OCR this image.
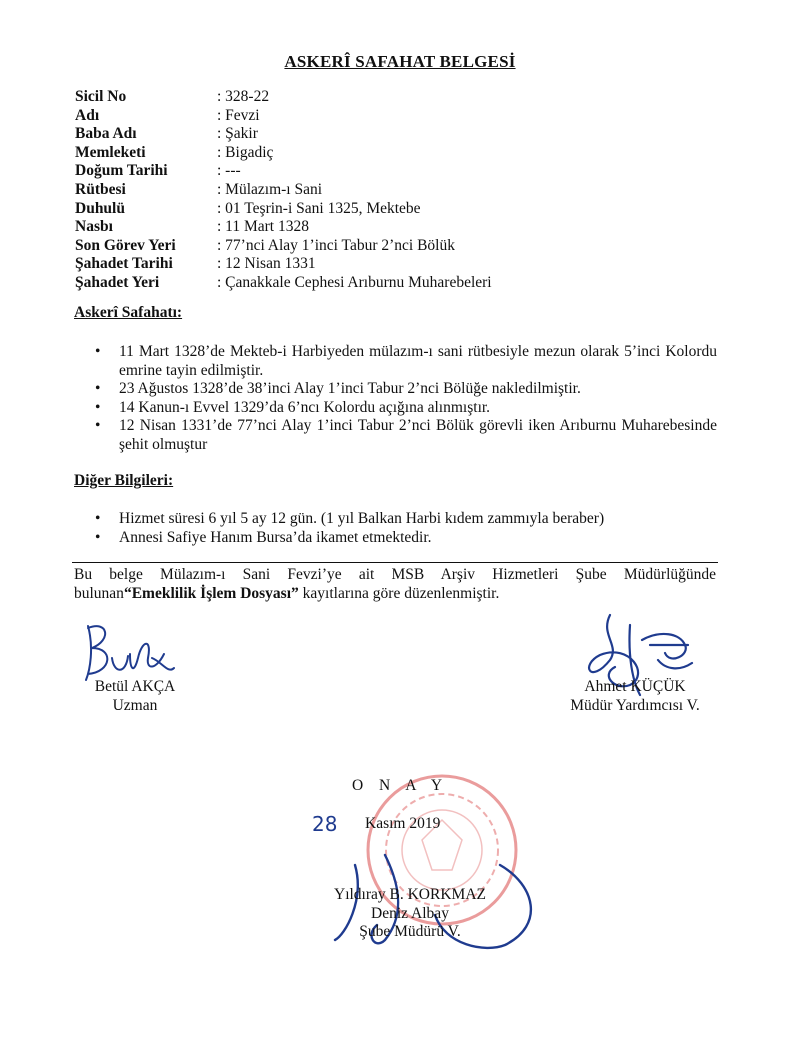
ASKERÎ SAFAHAT BELGESİ
Sicil No	: 328-22
Adı	: Fevzi
Baba Adı	: Şakir
Memleketi	: Bigadiç
Doğum Tarihi	: ---
Rütbesi	: Mülazım-ı Sani
Duhulü	: 01 Teşrin-i Sani 1325, Mektebe
Nasbı	: 11 Mart 1328
Son Görev Yeri	: 77’nci Alay 1’inci Tabur 2’nci Bölük
Şahadet Tarihi	: 12 Nisan 1331
Şahadet Yeri	: Çanakkale Cephesi Arıburnu Muharebeleri
Askerî Safahatı:
• 11 Mart 1328’de Mekteb-i Harbiyeden mülazım-ı sani rütbesiyle mezun olarak 5’inci Kolordu emrine tayin edilmiştir.
• 23 Ağustos 1328’de 38’inci Alay 1’inci Tabur 2’nci Bölüğe nakledilmiştir.
• 14 Kanun-ı Evvel 1329’da 6’ncı Kolordu açığına alınmıştır.
• 12 Nisan 1331’de 77’nci Alay 1’inci Tabur 2’nci Bölük görevli iken Arıburnu Muharebesinde şehit olmuştur
Diğer Bilgileri:
• Hizmet süresi 6 yıl 5 ay 12 gün. (1 yıl Balkan Harbi kıdem zammıyla beraber)
• Annesi Safiye Hanım Bursa’da ikamet etmektedir.
Bu belge Mülazım-ı Sani Fevzi’ye ait MSB Arşiv Hizmetleri Şube Müdürlüğünde
bulunan“Emeklilik İşlem Dosyası” kayıtlarına göre düzenlenmiştir.
Betül AKÇA
Uzman
Ahmet KÜÇÜK
Müdür Yardımcısı V.
O N A Y
28 Kasım 2019
Yıldıray B. KORKMAZ
Deniz Albay
Şube Müdürü V.
